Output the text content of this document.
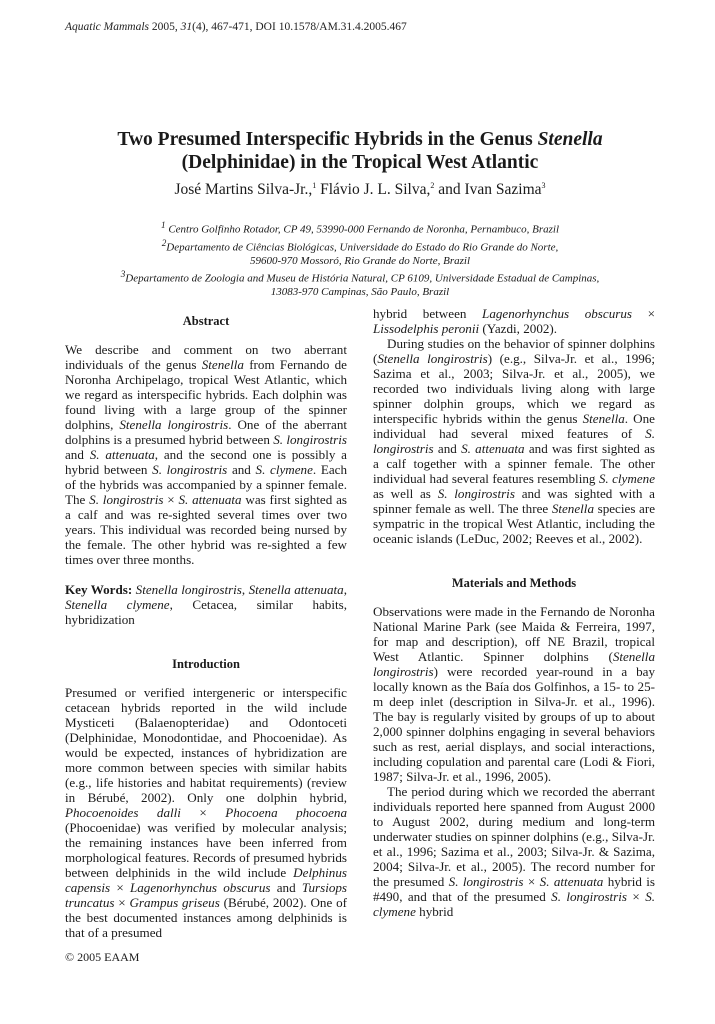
Aquatic Mammals 2005, 31(4), 467-471, DOI 10.1578/AM.31.4.2005.467
Two Presumed Interspecific Hybrids in the Genus Stenella
(Delphinidae) in the Tropical West Atlantic
José Martins Silva-Jr.,$^1$ Flávio J. L. Silva,$^2$ and Ivan Sazima$^3$
$^1$ Centro Golfinho Rotador, CP 49, 53990-000 Fernando de Noronha, Pernambuco, Brazil
$^2$Departamento de Ciências Biológicas, Universidade do Estado do Rio Grande do Norte,
59600-970 Mossoró, Rio Grande do Norte, Brazil
$^3$Departamento de Zoologia and Museu de História Natural, CP 6109, Universidade Estadual de Campinas,
13083-970 Campinas, São Paulo, Brazil
Abstract

We describe and comment on two aberrant individuals of the genus Stenella from Fernando de Noronha Archipelago, tropical West Atlantic, which we regard as interspecific hybrids. Each dolphin was found living with a large group of the spinner dolphins, Stenella longirostris. One of the aberrant dolphins is a presumed hybrid between S. longirostris and S. attenuata, and the second one is possibly a hybrid between S. longirostris and S. clymene. Each of the hybrids was accompanied by a spinner female. The S. longirostris × S. attenuata was first sighted as a calf and was re-sighted several times over two years. This individual was recorded being nursed by the female. The other hybrid was re-sighted a few times over three months.

Key Words: Stenella longirostris, Stenella attenuata, Stenella clymene, Cetacea, similar habits, hybridization

Introduction

Presumed or verified intergeneric or interspecific cetacean hybrids reported in the wild include Mysticeti (Balaenopteridae) and Odontoceti (Delphinidae, Monodontidae, and Phocoenidae). As would be expected, instances of hybridization are more common between species with similar habits (e.g., life histories and habitat requirements) (review in Bérubé, 2002). Only one dolphin hybrid, Phocoenoides dalli × Phocoena phocoena (Phocoenidae) was verified by molecular analysis; the remaining instances have been inferred from morphological features. Records of presumed hybrids between delphinids in the wild include Delphinus capensis × Lagenorhynchus obscurus and Tursiops truncatus × Grampus griseus (Bérubé, 2002). One of the best documented instances among delphinids is that of a presumed

hybrid between Lagenorhynchus obscurus × Lissodelphis peronii (Yazdi, 2002).

During studies on the behavior of spinner dolphins (Stenella longirostris) (e.g., Silva-Jr. et al., 1996; Sazima et al., 2003; Silva-Jr. et al., 2005), we recorded two individuals living along with large spinner dolphin groups, which we regard as interspecific hybrids within the genus Stenella. One individual had several mixed features of S. longirostris and S. attenuata and was first sighted as a calf together with a spinner female. The other individual had several features resembling S. clymene as well as S. longirostris and was sighted with a spinner female as well. The three Stenella species are sympatric in the tropical West Atlantic, including the oceanic islands (LeDuc, 2002; Reeves et al., 2002).

Materials and Methods

Observations were made in the Fernando de Noronha National Marine Park (see Maida & Ferreira, 1997, for map and description), off NE Brazil, tropical West Atlantic. Spinner dolphins (Stenella longirostris) were recorded year-round in a bay locally known as the Baía dos Golfinhos, a 15- to 25-m deep inlet (description in Silva-Jr. et al., 1996). The bay is regularly visited by groups of up to about 2,000 spinner dolphins engaging in several behaviors such as rest, aerial displays, and social interactions, including copulation and parental care (Lodi & Fiori, 1987; Silva-Jr. et al., 1996, 2005).

The period during which we recorded the aberrant individuals reported here spanned from August 2000 to August 2002, during medium and long-term underwater studies on spinner dolphins (e.g., Silva-Jr. et al., 1996; Sazima et al., 2003; Silva-Jr. & Sazima, 2004; Silva-Jr. et al., 2005). The record number for the presumed S. longirostris × S. attenuata hybrid is #490, and that of the presumed S. longirostris × S. clymene hybrid

© 2005 EAAM
